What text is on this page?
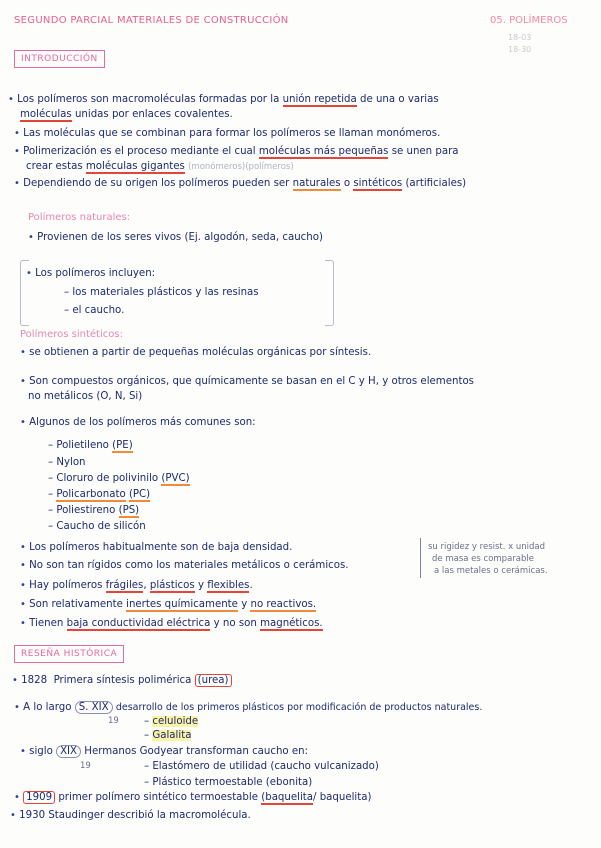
SEGUNDO PARCIAL MATERIALES DE CONSTRUCCIÓN	05. POLÍMEROS
18-03
18-30
INTRODUCCIÓN
• Los polímeros son macromoléculas formadas por la unión repetida de una o varias
moléculas unidas por enlaces covalentes.
• Las moléculas que se combinan para formar los polímeros se llaman monómeros.
• Polimerización es el proceso mediante el cual moléculas más pequeñas se unen para
crear estas moléculas gigantes (monómeros)(polímeros)
• Dependiendo de su origen los polímeros pueden ser naturales o sintéticos (artificiales)
Polímeros naturales:
• Provienen de los seres vivos (Ej. algodón, seda, caucho)
• Los polímeros incluyen:
– los materiales plásticos y las resinas
– el caucho.
Polímeros sintéticos:
• se obtienen a partir de pequeñas moléculas orgánicas por síntesis.
• Son compuestos orgánicos, que químicamente se basan en el C y H, y otros elementos
no metálicos (O, N, Si)
• Algunos de los polímeros más comunes son:
– Polietileno (PE)
– Nylon
– Cloruro de polivinilo (PVC)
– Policarbonato (PC)
– Poliestireno (PS)
– Caucho de silicón
• Los polímeros habitualmente son de baja densidad.
• No son tan rígidos como los materiales metálicos o cerámicos.
su rigidez y resist. x unidad
de masa es comparable
a las metales o cerámicas.
• Hay polímeros frágiles, plásticos y flexibles.
• Son relativamente inertes químicamente y no reactivos.
• Tienen baja conductividad eléctrica y no son magnéticos.
RESEÑA HISTÓRICA
• 1828 Primera síntesis polimérica (urea)
• A lo largo S. XIX desarrollo de los primeros plásticos por modificación de productos naturales.
19 – celuloide
– Galalita
• siglo XIX Hermanos Godyear transforman caucho en:
19	– Elastómero de utilidad (caucho vulcanizado)
– Plástico termoestable (ebonita)
• 1909 primer polímero sintético termoestable (baquelita/ baquelita)
• 1930 Staudinger describió la macromolécula.
